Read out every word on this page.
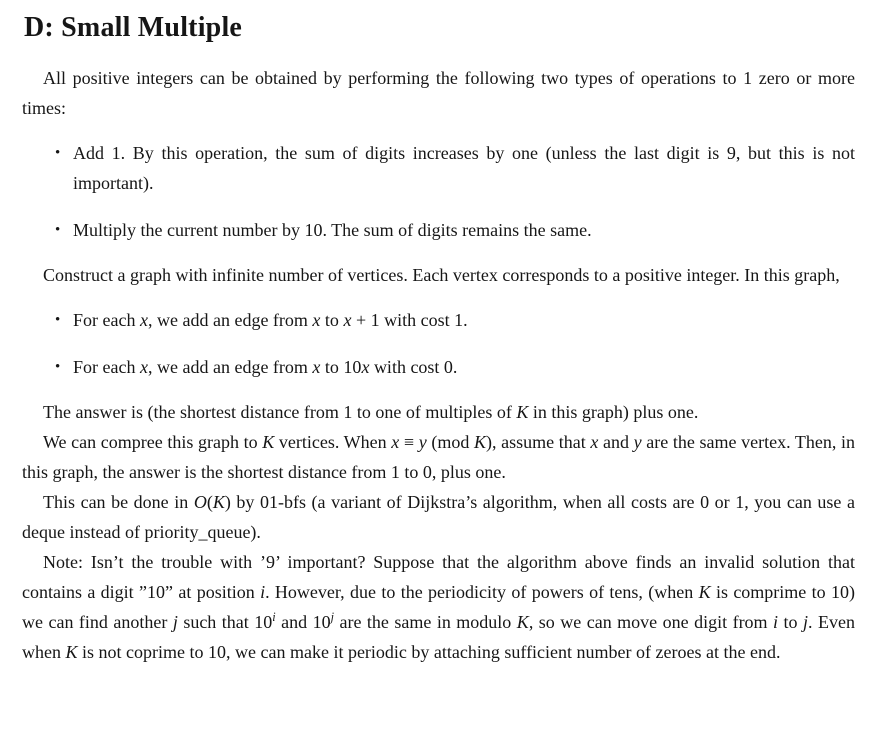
D: Small Multiple

All positive integers can be obtained by performing the following two types of operations to 1 zero or more times:

• Add 1. By this operation, the sum of digits increases by one (unless the last digit is 9, but this is not important).
• Multiply the current number by 10. The sum of digits remains the same.

Construct a graph with infinite number of vertices. Each vertex corresponds to a positive integer. In this graph,

• For each x, we add an edge from x to x + 1 with cost 1.
• For each x, we add an edge from x to 10x with cost 0.

The answer is (the shortest distance from 1 to one of multiples of K in this graph) plus one.

We can compree this graph to K vertices. When x ≡ y (mod K), assume that x and y are the same vertex. Then, in this graph, the answer is the shortest distance from 1 to 0, plus one.

This can be done in O(K) by 01-bfs (a variant of Dijkstra’s algorithm, when all costs are 0 or 1, you can use a deque instead of priority_queue).

Note: Isn’t the trouble with ’9’ important? Suppose that the algorithm above finds an invalid solution that contains a digit ”10” at position i. However, due to the periodicity of powers of tens, (when K is comprime to 10) we can find another j such that 10$^i$ and 10$^j$ are the same in modulo K, so we can move one digit from i to j. Even when K is not coprime to 10, we can make it periodic by attaching sufficient number of zeroes at the end.
